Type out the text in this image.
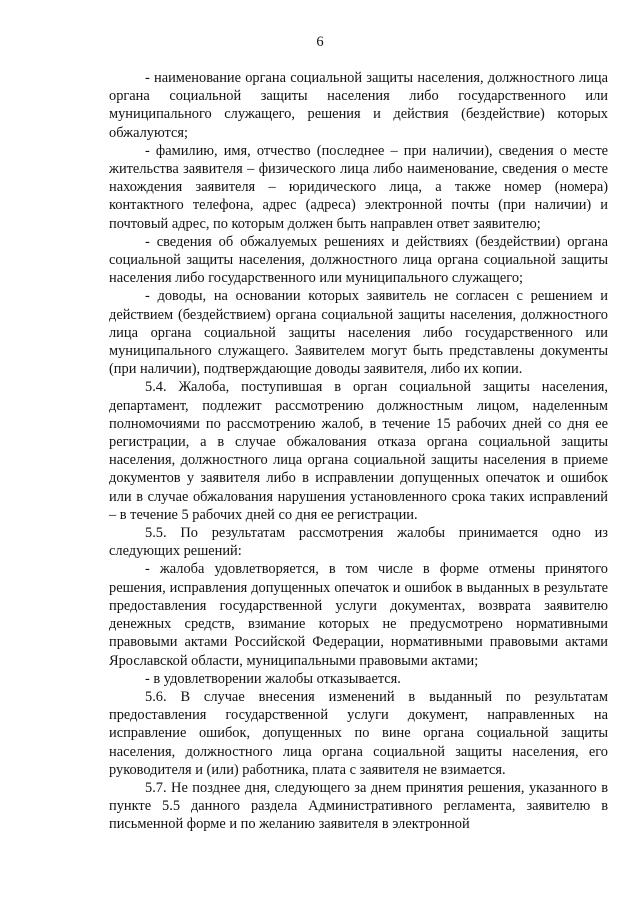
6

- наименование органа социальной защиты населения, должностного лица органа социальной защиты населения либо государственного или муниципального служащего, решения и действия (бездействие) которых обжалуются;

- фамилию, имя, отчество (последнее – при наличии), сведения о месте жительства заявителя – физического лица либо наименование, сведения о месте нахождения заявителя – юридического лица, а также номер (номера) контактного телефона, адрес (адреса) электронной почты (при наличии) и почтовый адрес, по которым должен быть направлен ответ заявителю;

- сведения об обжалуемых решениях и действиях (бездействии) органа социальной защиты населения, должностного лица органа социальной защиты населения либо государственного или муниципального служащего;

- доводы, на основании которых заявитель не согласен с решением и действием (бездействием) органа социальной защиты населения, должностного лица органа социальной защиты населения либо государственного или муниципального служащего. Заявителем могут быть представлены документы (при наличии), подтверждающие доводы заявителя, либо их копии.

5.4. Жалоба, поступившая в орган социальной защиты населения, департамент, подлежит рассмотрению должностным лицом, наделенным полномочиями по рассмотрению жалоб, в течение 15 рабочих дней со дня ее регистрации, а в случае обжалования отказа органа социальной защиты населения, должностного лица органа социальной защиты населения в приеме документов у заявителя либо в исправлении допущенных опечаток и ошибок или в случае обжалования нарушения установленного срока таких исправлений – в течение 5 рабочих дней со дня ее регистрации.

5.5. По результатам рассмотрения жалобы принимается одно из следующих решений:

- жалоба удовлетворяется, в том числе в форме отмены принятого решения, исправления допущенных опечаток и ошибок в выданных в результате предоставления государственной услуги документах, возврата заявителю денежных средств, взимание которых не предусмотрено нормативными правовыми актами Российской Федерации, нормативными правовыми актами Ярославской области, муниципальными правовыми актами;

- в удовлетворении жалобы отказывается.

5.6. В случае внесения изменений в выданный по результатам предоставления государственной услуги документ, направленных на исправление ошибок, допущенных по вине органа социальной защиты населения, должностного лица органа социальной защиты населения, его руководителя и (или) работника, плата с заявителя не взимается.

5.7. Не позднее дня, следующего за днем принятия решения, указанного в пункте 5.5 данного раздела Административного регламента, заявителю в письменной форме и по желанию заявителя в электронной
